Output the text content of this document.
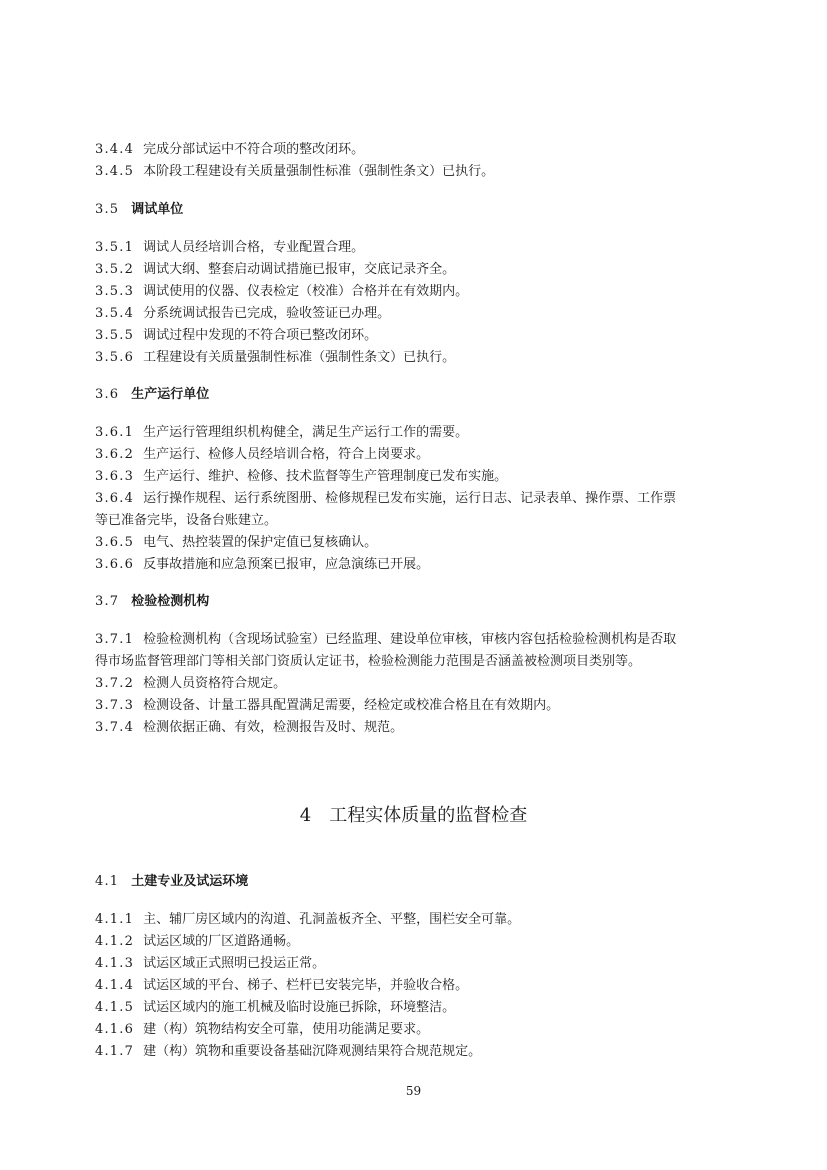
3.4.4 完成分部试运中不符合项的整改闭环。
3.4.5 本阶段工程建设有关质量强制性标准（强制性条文）已执行。
3.5 调试单位
3.5.1 调试人员经培训合格，专业配置合理。
3.5.2 调试大纲、整套启动调试措施已报审，交底记录齐全。
3.5.3 调试使用的仪器、仪表检定（校准）合格并在有效期内。
3.5.4 分系统调试报告已完成，验收签证已办理。
3.5.5 调试过程中发现的不符合项已整改闭环。
3.5.6 工程建设有关质量强制性标准（强制性条文）已执行。
3.6 生产运行单位
3.6.1 生产运行管理组织机构健全，满足生产运行工作的需要。
3.6.2 生产运行、检修人员经培训合格，符合上岗要求。
3.6.3 生产运行、维护、检修、技术监督等生产管理制度已发布实施。
3.6.4 运行操作规程、运行系统图册、检修规程已发布实施，运行日志、记录表单、操作票、工作票
等已准备完毕，设备台账建立。
3.6.5 电气、热控装置的保护定值已复核确认。
3.6.6 反事故措施和应急预案已报审，应急演练已开展。
3.7 检验检测机构
3.7.1 检验检测机构（含现场试验室）已经监理、建设单位审核，审核内容包括检验检测机构是否取
得市场监督管理部门等相关部门资质认定证书，检验检测能力范围是否涵盖被检测项目类别等。
3.7.2 检测人员资格符合规定。
3.7.3 检测设备、计量工器具配置满足需要，经检定或校准合格且在有效期内。
3.7.4 检测依据正确、有效，检测报告及时、规范。
4 工程实体质量的监督检查
4.1 土建专业及试运环境
4.1.1 主、辅厂房区域内的沟道、孔洞盖板齐全、平整，围栏安全可靠。
4.1.2 试运区域的厂区道路通畅。
4.1.3 试运区域正式照明已投运正常。
4.1.4 试运区域的平台、梯子、栏杆已安装完毕，并验收合格。
4.1.5 试运区域内的施工机械及临时设施已拆除，环境整洁。
4.1.6 建（构）筑物结构安全可靠，使用功能满足要求。
4.1.7 建（构）筑物和重要设备基础沉降观测结果符合规范规定。
59
